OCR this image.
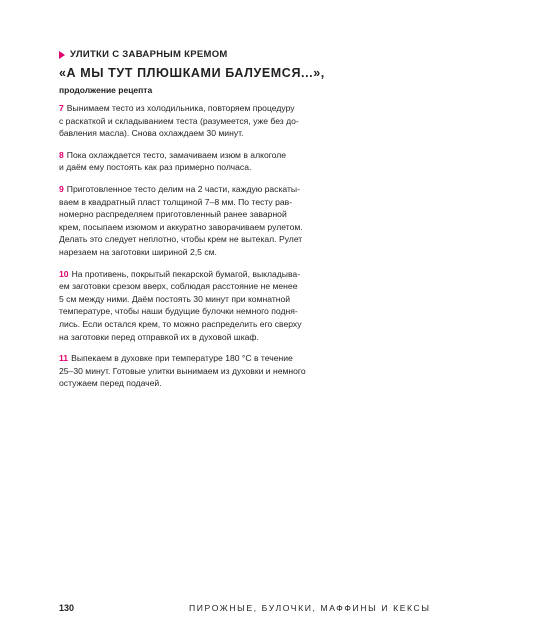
УЛИТКИ С ЗАВАРНЫМ КРЕМОМ
«А МЫ ТУТ ПЛЮШКАМИ БАЛУЕМСЯ...»,
продолжение рецепта

7 Вынимаем тесто из холодильника, повторяем процедуру
с раскаткой и складыванием теста (разумеется, уже без до-
бавления масла). Снова охлаждаем 30 минут.

8 Пока охлаждается тесто, замачиваем изюм в алкоголе
и даём ему постоять как раз примерно полчаса.

9 Приготовленное тесто делим на 2 части, каждую раскаты-
ваем в квадратный пласт толщиной 7–8 мм. По тесту рав-
номерно распределяем приготовленный ранее заварной
крем, посыпаем изюмом и аккуратно заворачиваем рулетом.
Делать это следует неплотно, чтобы крем не вытекал. Рулет
нарезаем на заготовки шириной 2,5 см.

10 На противень, покрытый пекарской бумагой, выкладыва-
ем заготовки срезом вверх, соблюдая расстояние не менее
5 см между ними. Даём постоять 30 минут при комнатной
температуре, чтобы наши будущие булочки немного подня-
лись. Если остался крем, то можно распределить его сверху
на заготовки перед отправкой их в духовой шкаф.

11 Выпекаем в духовке при температуре 180 °C в течение
25–30 минут. Готовые улитки вынимаем из духовки и немного
остужаем перед подачей.

130	ПИРОЖНЫЕ, БУЛОЧКИ, МАФФИНЫ И КЕКСЫ
